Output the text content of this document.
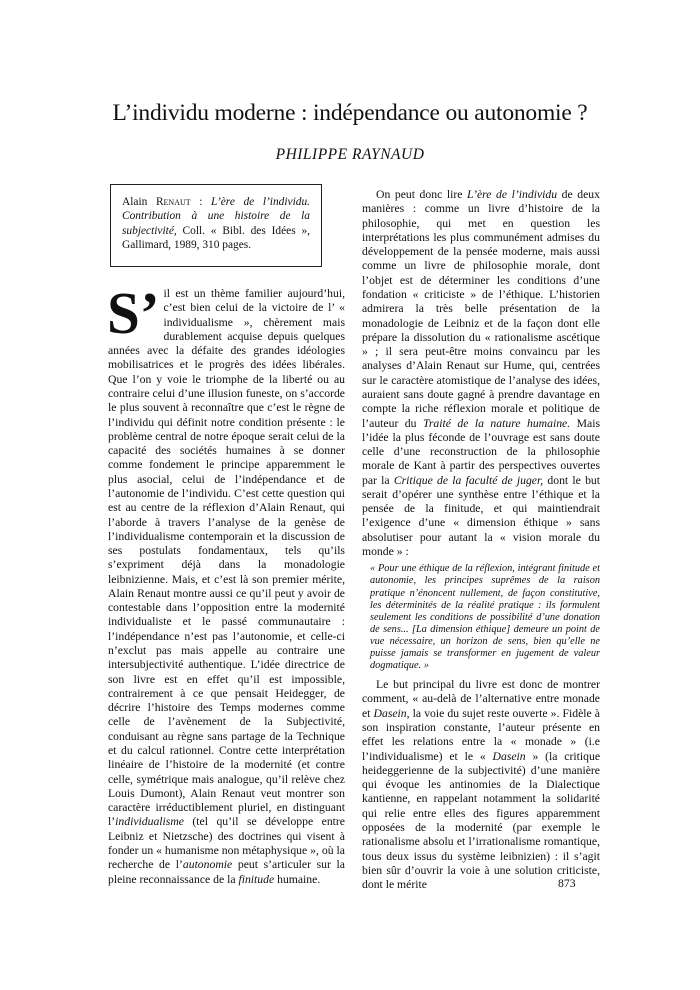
L’individu moderne : indépendance ou autonomie ?

PHILIPPE RAYNAUD

Alain Renaut : L’ère de l’individu. Contribution à une histoire de la subjectivité, Coll. « Bibl. des Idées », Gallimard, 1989, 310 pages.

S’ il est un thème familier aujourd’hui, c’est bien celui de la victoire de l’ « individualisme », chèrement mais durablement acquise depuis quelques années avec la défaite des grandes idéologies mobilisatrices et le progrès des idées libérales. Que l’on y voie le triomphe de la liberté ou au contraire celui d’une illusion funeste, on s’accorde le plus souvent à reconnaître que c’est le règne de l’individu qui définit notre condition présente : le problème central de notre époque serait celui de la capacité des sociétés humaines à se donner comme fondement le principe apparemment le plus asocial, celui de l’indépendance et de l’autonomie de l’individu. C’est cette question qui est au centre de la réflexion d’Alain Renaut, qui l’aborde à travers l’analyse de la genèse de l’individualisme contemporain et la discussion de ses postulats fondamentaux, tels qu’ils s’expriment déjà dans la monadologie leibnizienne. Mais, et c’est là son premier mérite, Alain Renaut montre aussi ce qu’il peut y avoir de contestable dans l’opposition entre la modernité individualiste et le passé communautaire : l’indépendance n’est pas l’autonomie, et celle-ci n’exclut pas mais appelle au contraire une intersubjectivité authentique. L’idée directrice de son livre est en effet qu’il est impossible, contrairement à ce que pensait Heidegger, de décrire l’histoire des Temps modernes comme celle de l’avènement de la Subjectivité, conduisant au règne sans partage de la Technique et du calcul rationnel. Contre cette interprétation linéaire de l’histoire de la modernité (et contre celle, symétrique mais analogue, qu’il relève chez Louis Dumont), Alain Renaut veut montrer son caractère irréductiblement pluriel, en distinguant l’individualisme (tel qu’il se développe entre Leibniz et Nietzsche) des doctrines qui visent à fonder un « humanisme non métaphysique », où la recherche de l’autonomie peut s’articuler sur la pleine reconnaissance de la finitude humaine.

On peut donc lire L’ère de l’individu de deux manières : comme un livre d’histoire de la philosophie, qui met en question les interprétations les plus communément admises du développement de la pensée moderne, mais aussi comme un livre de philosophie morale, dont l’objet est de déterminer les conditions d’une fondation « criticiste » de l’éthique. L’historien admirera la très belle présentation de la monadologie de Leibniz et de la façon dont elle prépare la dissolution du « rationalisme ascétique » ; il sera peut-être moins convaincu par les analyses d’Alain Renaut sur Hume, qui, centrées sur le caractère atomistique de l’analyse des idées, auraient sans doute gagné à prendre davantage en compte la riche réflexion morale et politique de l’auteur du Traité de la nature humaine. Mais l’idée la plus féconde de l’ouvrage est sans doute celle d’une reconstruction de la philosophie morale de Kant à partir des perspectives ouvertes par la Critique de la faculté de juger, dont le but serait d’opérer une synthèse entre l’éthique et la pensée de la finitude, et qui maintiendrait l’exigence d’une « dimension éthique » sans absolutiser pour autant la « vision morale du monde » :

« Pour une éthique de la réflexion, intégrant finitude et autonomie, les principes suprêmes de la raison pratique n’énoncent nullement, de façon constitutive, les déterminités de la réalité pratique : ils formulent seulement les conditions de possibilité d’une donation de sens... [La dimension éthique] demeure un point de vue nécessaire, un horizon de sens, bien qu’elle ne puisse jamais se transformer en jugement de valeur dogmatique. »

Le but principal du livre est donc de montrer comment, « au-delà de l’alternative entre monade et Dasein, la voie du sujet reste ouverte ». Fidèle à son inspiration constante, l’auteur présente en effet les relations entre la « monade » (i.e l’individualisme) et le « Dasein » (la critique heideggerienne de la subjectivité) d’une manière qui évoque les antinomies de la Dialectique kantienne, en rappelant notamment la solidarité qui relie entre elles des figures apparemment opposées de la modernité (par exemple le rationalisme absolu et l’irrationalisme romantique, tous deux issus du système leibnizien) : il s’agit bien sûr d’ouvrir la voie à une solution criticiste, dont le mérite	873
